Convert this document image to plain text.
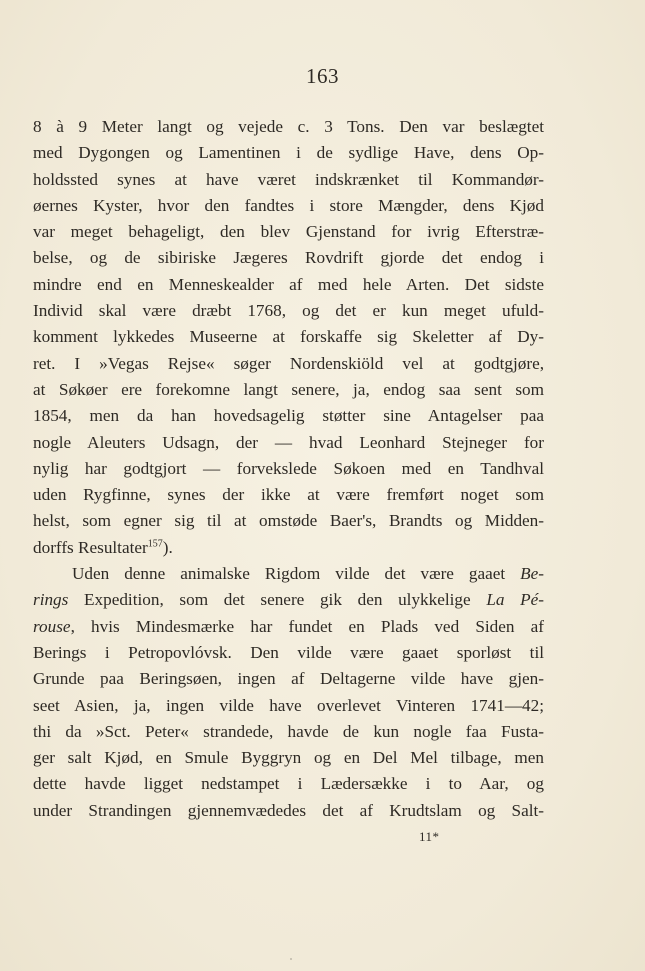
163
8 à 9 Meter langt og vejede c. 3 Tons. Den var beslægtet
med Dygongen og Lamentinen i de sydlige Have, dens Op-
holdssted synes at have været indskrænket til Kommandør-
øernes Kyster, hvor den fandtes i store Mængder, dens Kjød
var meget behageligt, den blev Gjenstand for ivrig Efterstræ-
belse, og de sibiriske Jægeres Rovdrift gjorde det endog i
mindre end en Menneskealder af med hele Arten. Det sidste
Individ skal være dræbt 1768, og det er kun meget ufuld-
komment lykkedes Museerne at forskaffe sig Skeletter af Dy-
ret. I »Vegas Rejse« søger Nordenskiöld vel at godtgjøre,
at Søkøer ere forekomne langt senere, ja, endog saa sent som
1854, men da han hovedsagelig støtter sine Antagelser paa
nogle Aleuters Udsagn, der — hvad Leonhard Stejneger for
nylig har godtgjort — forvekslede Søkoen med en Tandhval
uden Rygfinne, synes der ikke at være fremført noget som
helst, som egner sig til at omstøde Baer's, Brandts og Midden-
dorffs Resultater$^{157}$).
Uden denne animalske Rigdom vilde det være gaaet Be-
rings Expedition, som det senere gik den ulykkelige La Pé-
rouse, hvis Mindesmærke har fundet en Plads ved Siden af
Berings i Petropovlóvsk. Den vilde være gaaet sporløst til
Grunde paa Beringsøen, ingen af Deltagerne vilde have gjen-
seet Asien, ja, ingen vilde have overlevet Vinteren 1741—42;
thi da »Sct. Peter« strandede, havde de kun nogle faa Fusta-
ger salt Kjød, en Smule Byggryn og en Del Mel tilbage, men
dette havde ligget nedstampet i Lædersække i to Aar, og
under Strandingen gjennemvædedes det af Krudtslam og Salt-
11*
